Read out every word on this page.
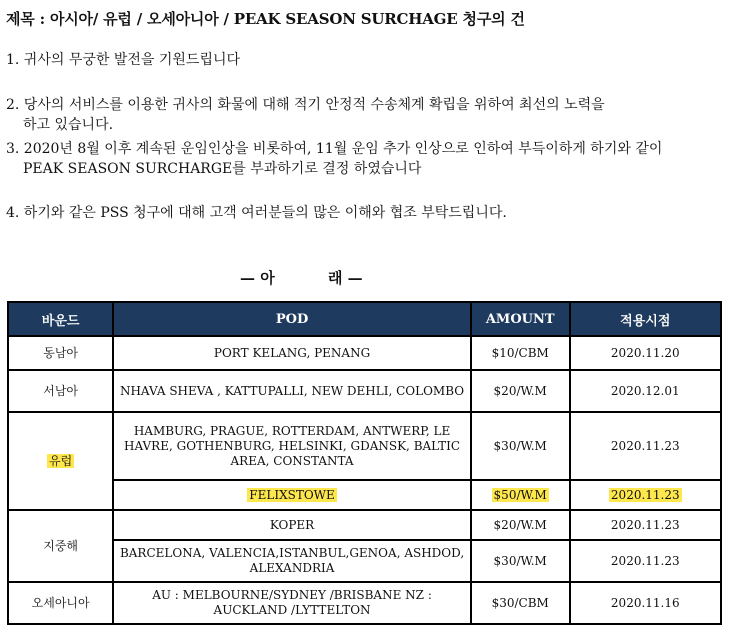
제목 : 아시아/ 유럽 / 오세아니아 / PEAK SEASON SURCHAGE 청구의 건
1. 귀사의 무궁한 발전을 기원드립니다
2. 당사의 서비스를 이용한 귀사의 화물에 대해 적기 안정적 수송체계 확립을 위하여 최선의 노력을
하고 있습니다.
3. 2020년 8월 이후 계속된 운임인상을 비롯하여, 11월 운임 추가 인상으로 인하여 부득이하게 하기와 같이
PEAK SEASON SURCHARGE를 부과하기로 결정 하였습니다
4. 하기와 같은 PSS 청구에 대해 고객 여러분들의 많은 이해와 협조 부탁드립니다.
— 아	래 —
바운드	POD	AMOUNT	적용시점
동남아	PORT KELANG, PENANG	$10/CBM	2020.11.20
서남아	NHAVA SHEVA , KATTUPALLI, NEW DEHLI, COLOMBO	$20/W.M	2020.12.01
유럽	HAMBURG, PRAGUE, ROTTERDAM, ANTWERP, LE HAVRE, GOTHENBURG, HELSINKI, GDANSK, BALTIC AREA, CONSTANTA	$30/W.M	2020.11.23
	FELIXSTOWE	$50/W.M	2020.11.23
지중해	KOPER	$20/W.M	2020.11.23
	BARCELONA, VALENCIA,ISTANBUL,GENOA, ASHDOD, ALEXANDRIA	$30/W.M	2020.11.23
오세아니아	AU : MELBOURNE/SYDNEY /BRISBANE NZ : AUCKLAND /LYTTELTON	$30/CBM	2020.11.16
